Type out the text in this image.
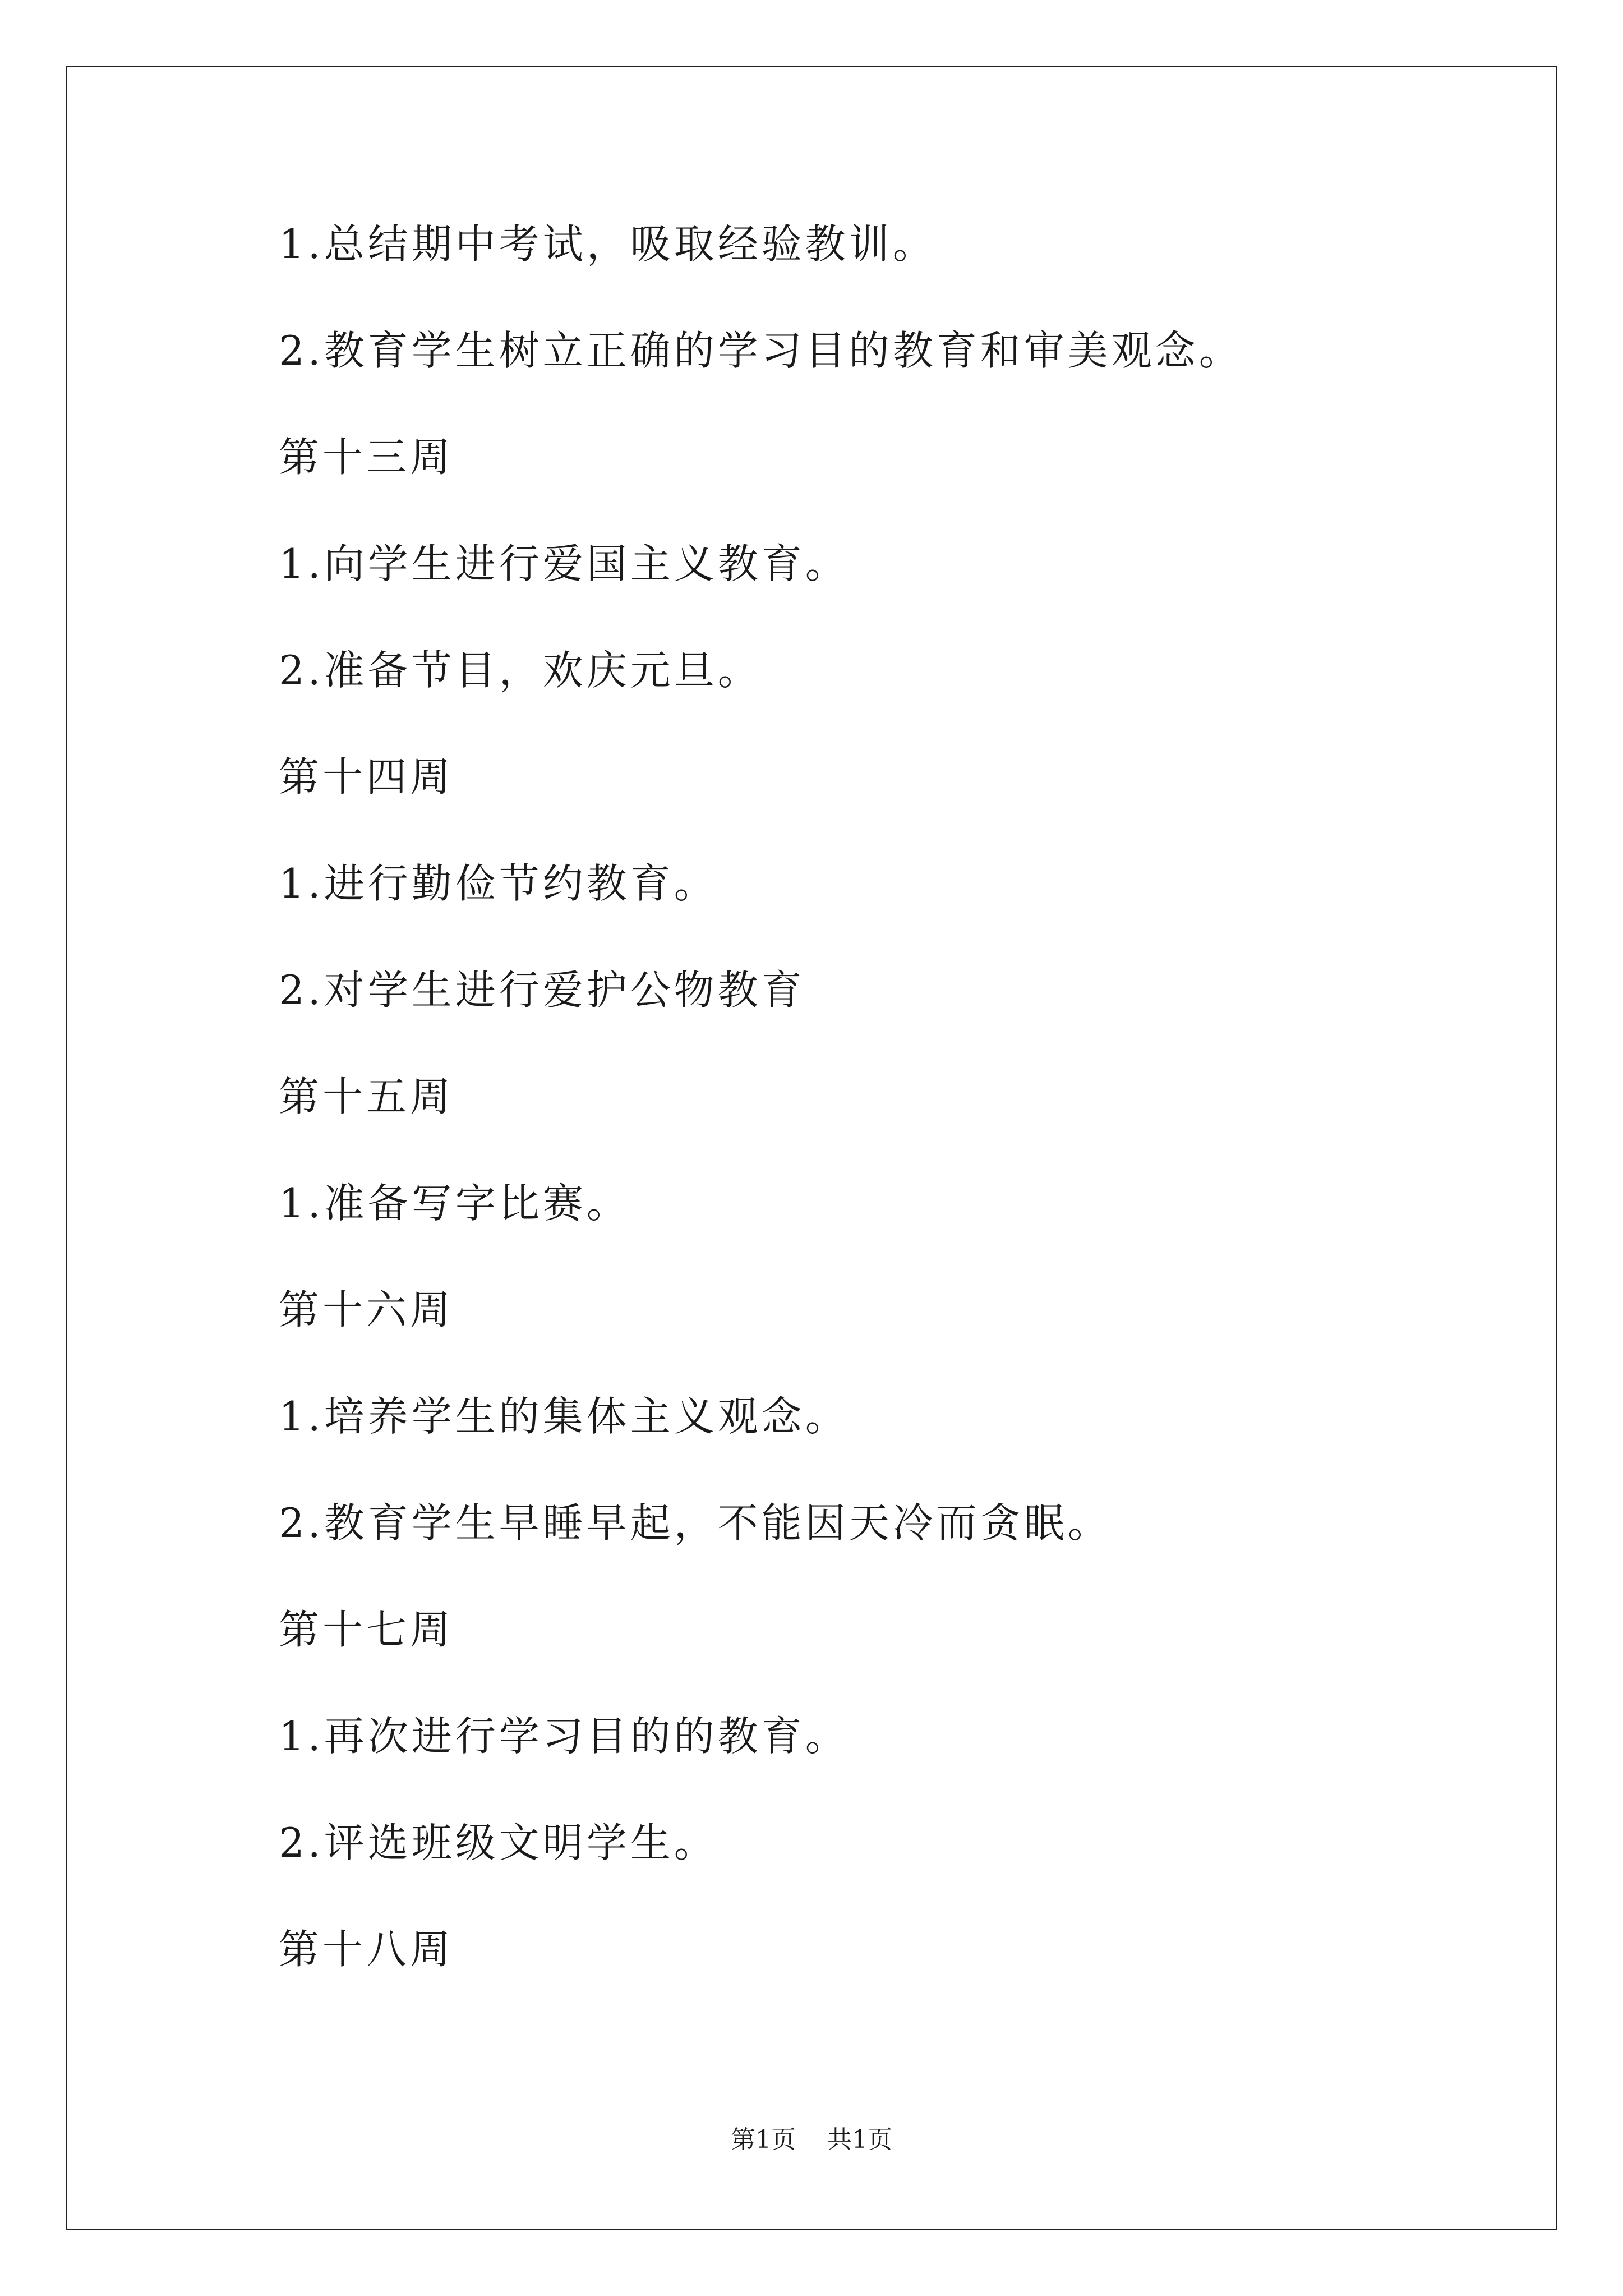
1.总结期中考试，吸取经验教训。
2.教育学生树立正确的学习目的教育和审美观念。
第十三周
1.向学生进行爱国主义教育。
2.准备节目，欢庆元旦。
第十四周
1.进行勤俭节约教育。
2.对学生进行爱护公物教育
第十五周
1.准备写字比赛。
第十六周
1.培养学生的集体主义观念。
2.教育学生早睡早起，不能因天冷而贪眠。
第十七周
1.再次进行学习目的的教育。
2.评选班级文明学生。
第十八周
第1页    共1页
